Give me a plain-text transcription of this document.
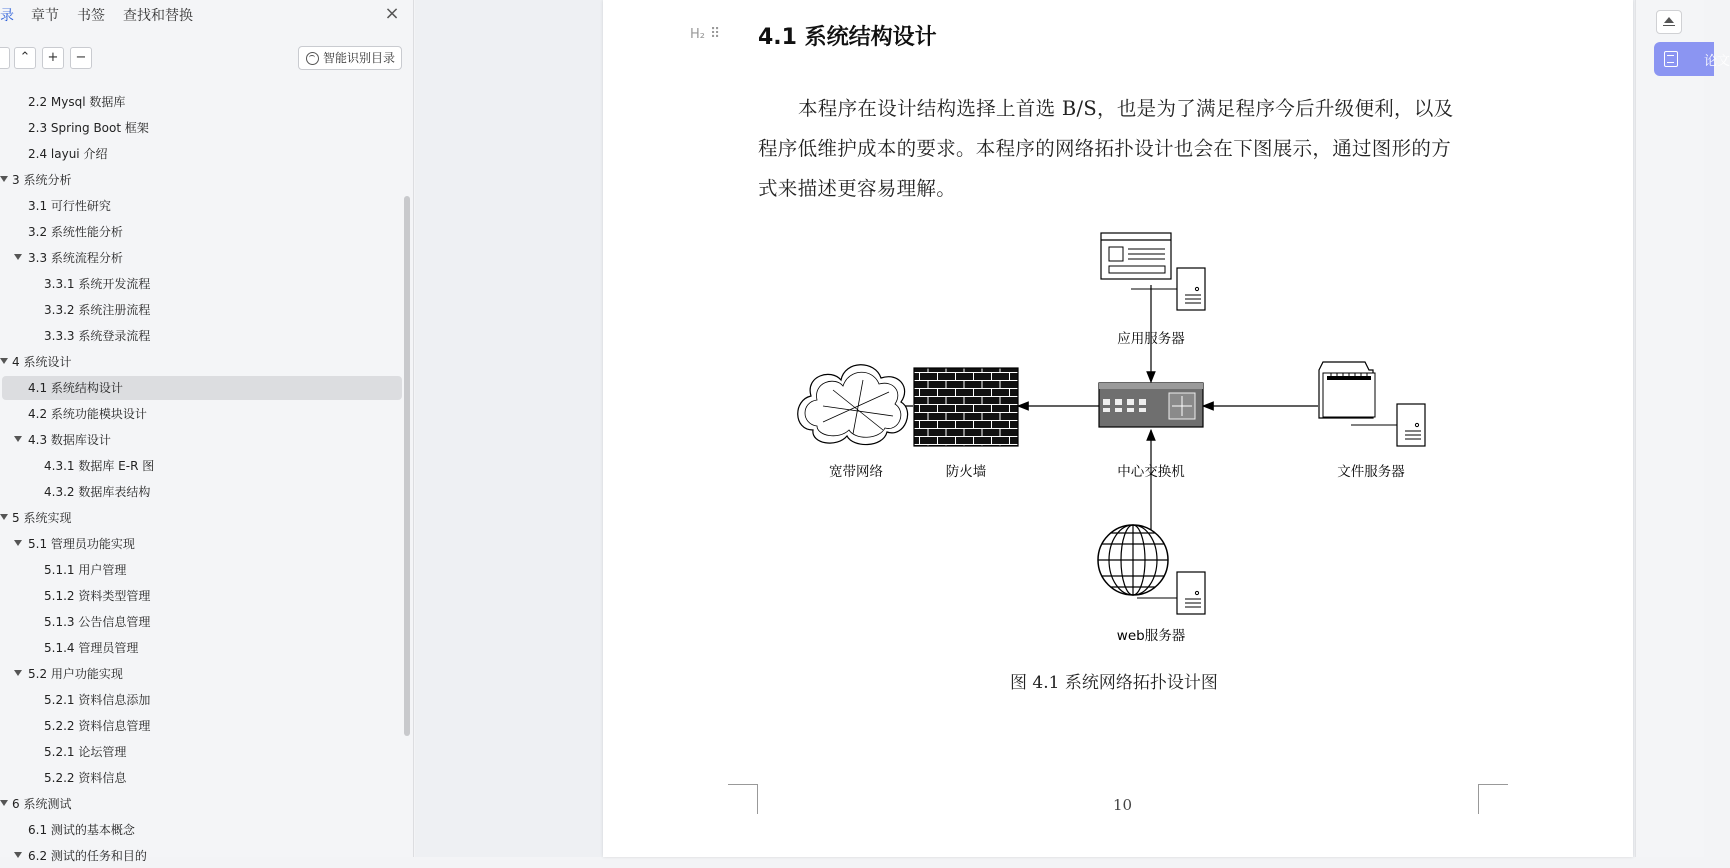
录 章节 书签 查找和替换	×
⌃	+	−	智能识别目录
2.2 Mysql 数据库
2.3 Spring Boot 框架
2.4 layui 介绍
3 系统分析
3.1 可行性研究
3.2 系统性能分析
3.3 系统流程分析
3.3.1 系统开发流程
3.3.2 系统注册流程
3.3.3 系统登录流程
4 系统设计
4.1 系统结构设计
4.2 系统功能模块设计
4.3 数据库设计
4.3.1 数据库 E-R 图
4.3.2 数据库表结构
5 系统实现
5.1 管理员功能实现
5.1.1 用户管理
5.1.2 资料类型管理
5.1.3 公告信息管理
5.1.4 管理员管理
5.2 用户功能实现
5.2.1 资料信息添加
5.2.2 资料信息管理
5.2.1 论坛管理
5.2.2 资料信息
6 系统测试
6.1 测试的基本概念
6.2 测试的任务和目的
H₂ ⠿ 4.1 系统结构设计
本程序在设计结构选择上首选 B/S，也是为了满足程序今后升级便利，以及
程序低维护成本的要求。本程序的网络拓扑设计也会在下图展示，通过图形的方
式来描述更容易理解。
应用服务器
宽带网络	防火墙	中心交换机	文件服务器
web服务器
图 4.1 系统网络拓扑设计图
10
论文
